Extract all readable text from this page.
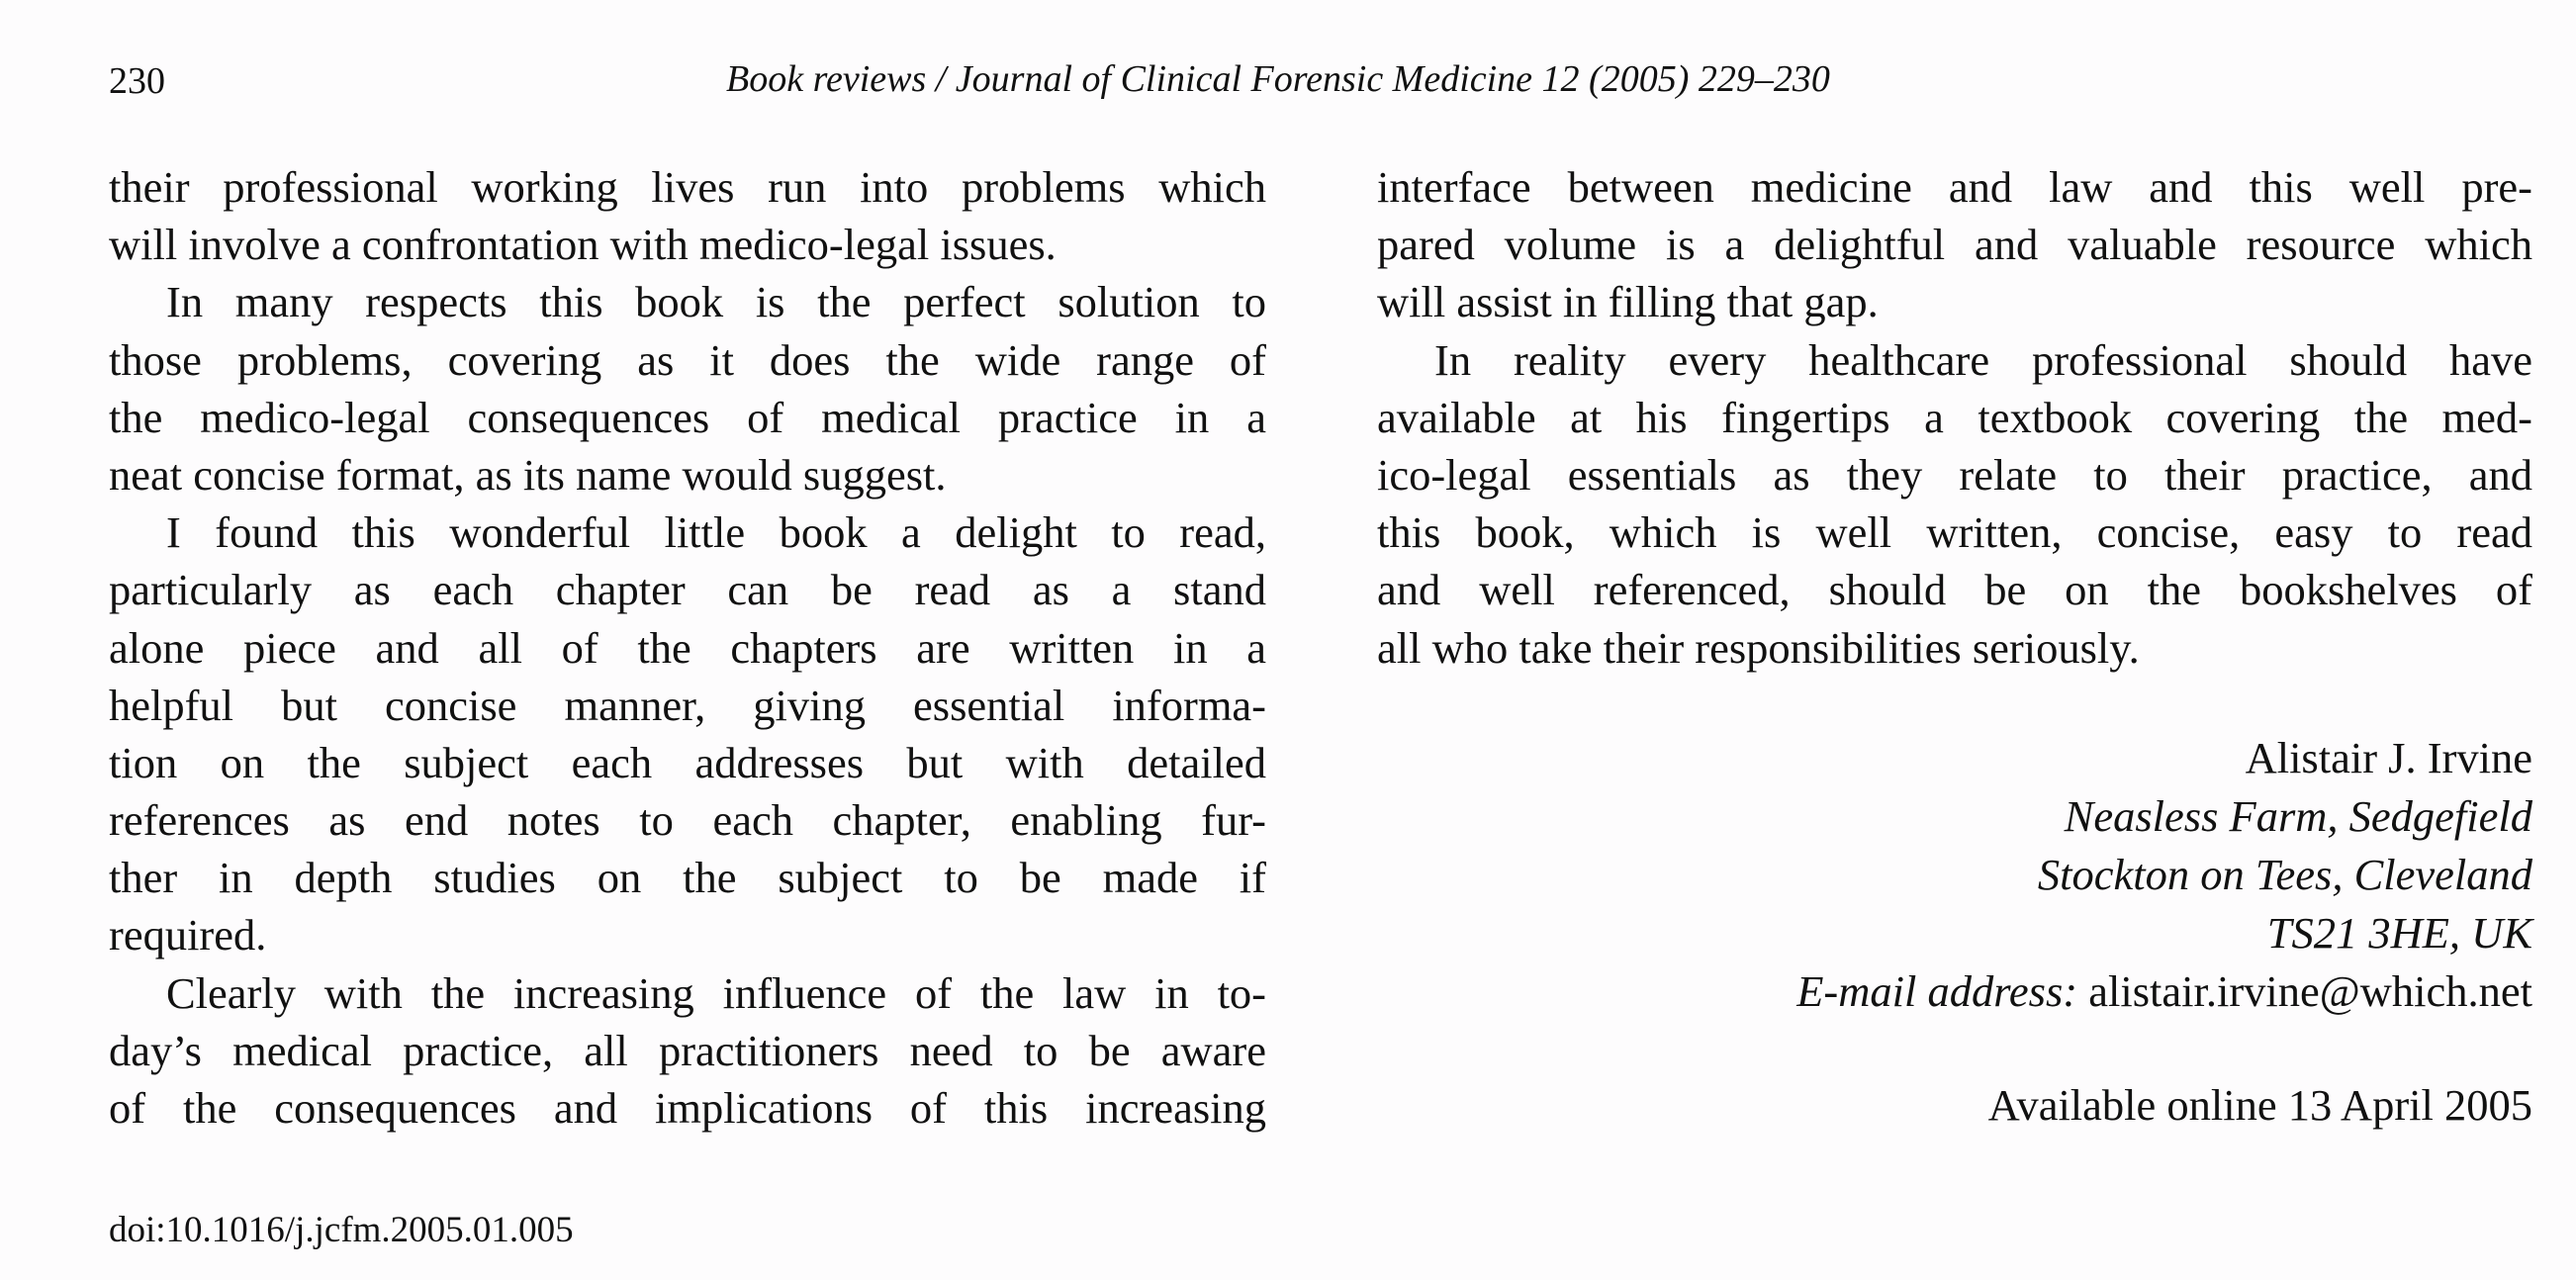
230	Book reviews / Journal of Clinical Forensic Medicine 12 (2005) 229–230
their professional working lives run into problems which
will involve a confrontation with medico-legal issues.
In many respects this book is the perfect solution to
those problems, covering as it does the wide range of
the medico-legal consequences of medical practice in a
neat concise format, as its name would suggest.
I found this wonderful little book a delight to read,
particularly as each chapter can be read as a stand
alone piece and all of the chapters are written in a
helpful but concise manner, giving essential informa-
tion on the subject each addresses but with detailed
references as end notes to each chapter, enabling fur-
ther in depth studies on the subject to be made if
required.
Clearly with the increasing influence of the law in to-
day’s medical practice, all practitioners need to be aware
of the consequences and implications of this increasing
interface between medicine and law and this well pre-
pared volume is a delightful and valuable resource which
will assist in filling that gap.
In reality every healthcare professional should have
available at his fingertips a textbook covering the med-
ico-legal essentials as they relate to their practice, and
this book, which is well written, concise, easy to read
and well referenced, should be on the bookshelves of
all who take their responsibilities seriously.
Alistair J. Irvine
Neasless Farm, Sedgefield
Stockton on Tees, Cleveland
TS21 3HE, UK
E-mail address: alistair.irvine@which.net
Available online 13 April 2005
doi:10.1016/j.jcfm.2005.01.005
